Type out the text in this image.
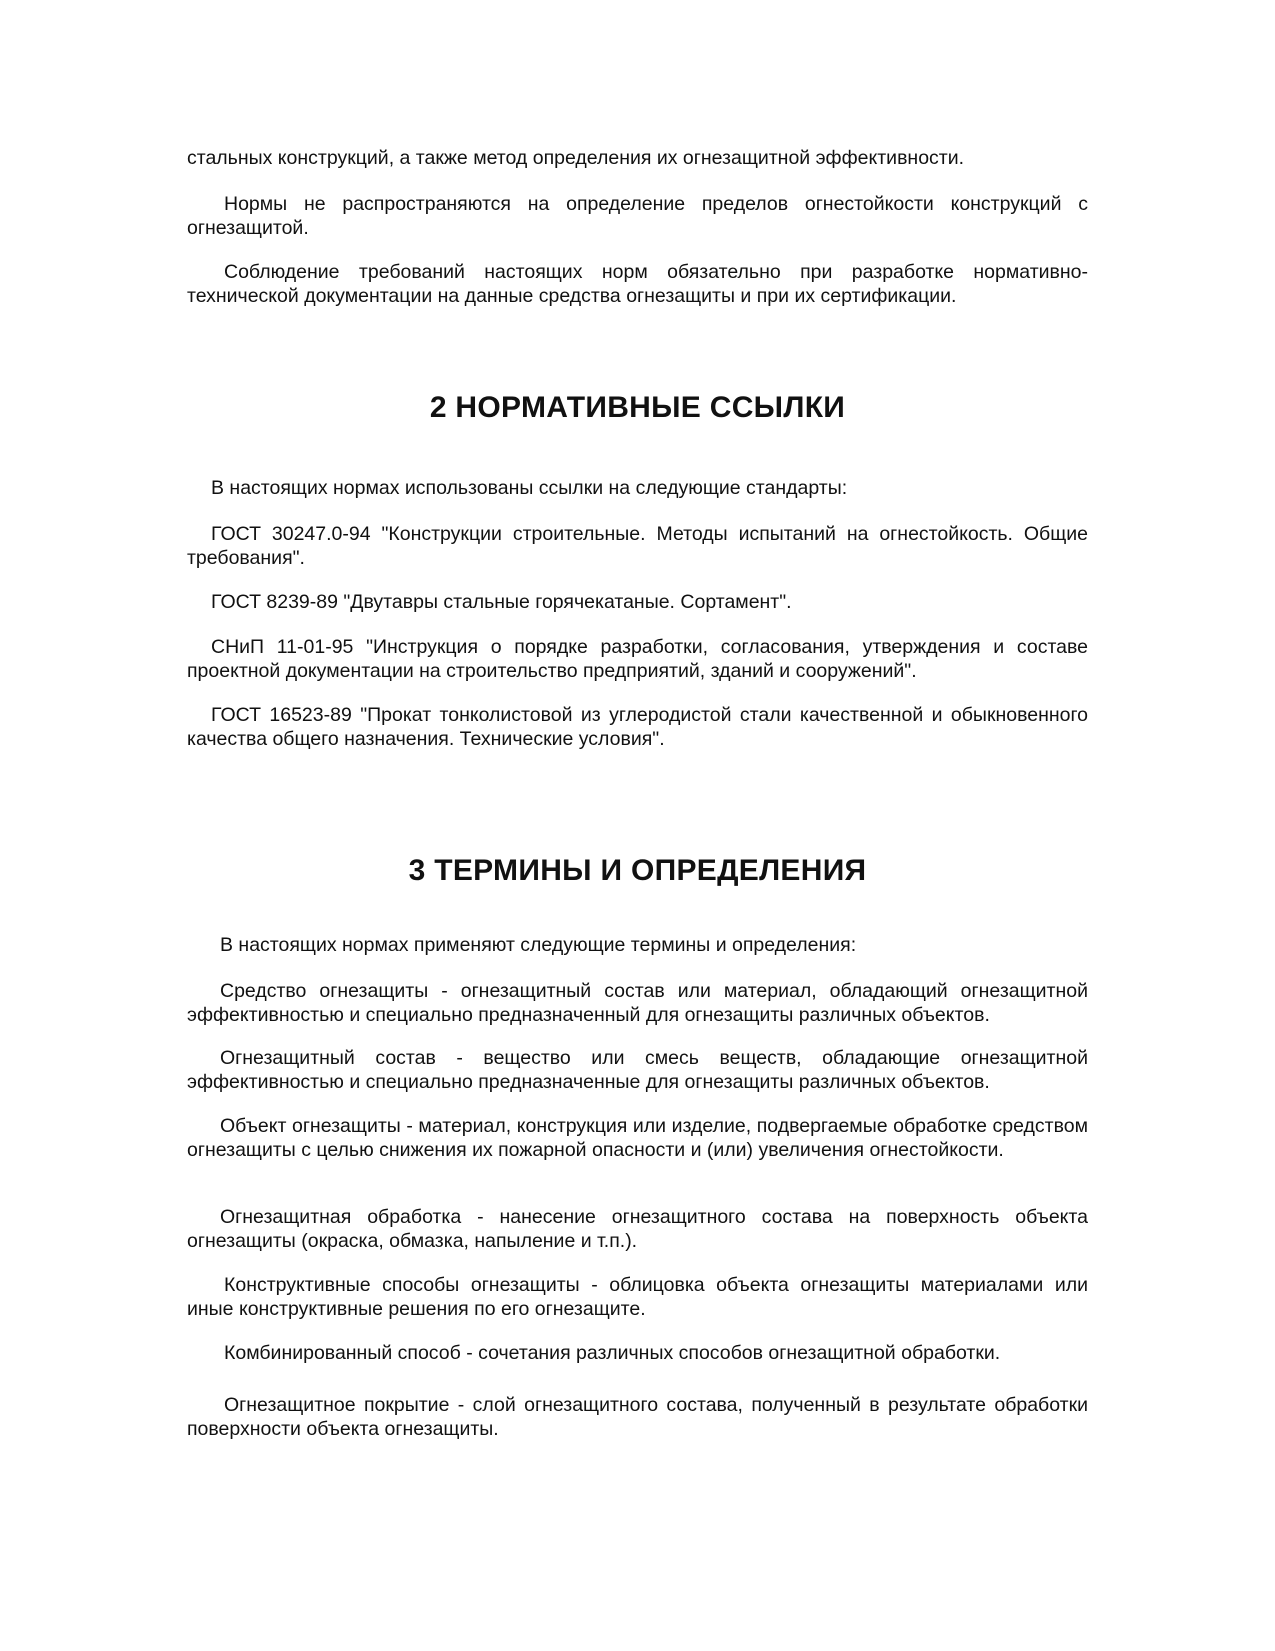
стальных конструкций, а также метод определения их огнезащитной эффективности.

Нормы не распространяются на определение пределов огнестойкости конструкций с огнезащитой.

Соблюдение требований настоящих норм обязательно при разработке нормативно-технической документации на данные средства огнезащиты и при их сертификации.

2 НОРМАТИВНЫЕ ССЫЛКИ

В настоящих нормах использованы ссылки на следующие стандарты:

ГОСТ 30247.0-94 "Конструкции строительные. Методы испытаний на огнестойкость. Общие требования".

ГОСТ 8239-89 "Двутавры стальные горячекатаные. Сортамент".

СНиП 11-01-95 "Инструкция о порядке разработки, согласования, утверждения и составе проектной документации на строительство предприятий, зданий и сооружений".

ГОСТ 16523-89 "Прокат тонколистовой из углеродистой стали качественной и обыкновенного качества общего назначения. Технические условия".

3 ТЕРМИНЫ И ОПРЕДЕЛЕНИЯ

В настоящих нормах применяют следующие термины и определения:

Средство огнезащиты - огнезащитный состав или материал, обладающий огнезащитной эффективностью и специально предназначенный для огнезащиты различных объектов.

Огнезащитный состав - вещество или смесь веществ, обладающие огнезащитной эффективностью и специально предназначенные для огнезащиты различных объектов.

Объект огнезащиты - материал, конструкция или изделие, подвергаемые обработке средством огнезащиты с целью снижения их пожарной опасности и (или) увеличения огнестойкости.

Огнезащитная обработка - нанесение огнезащитного состава на поверхность объекта огнезащиты (окраска, обмазка, напыление и т.п.).

Конструктивные способы огнезащиты - облицовка объекта огнезащиты материалами или иные конструктивные решения по его огнезащите.

Комбинированный способ - сочетания различных способов огнезащитной обработки.

Огнезащитное покрытие - слой огнезащитного состава, полученный в результате обработки поверхности объекта огнезащиты.
